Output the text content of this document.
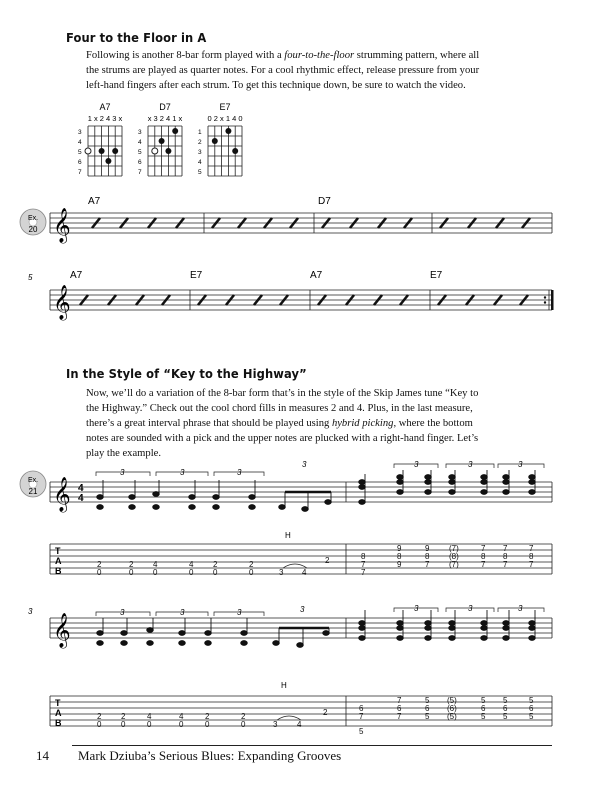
Four to the Floor in A
Following is another 8-bar form played with a four-to-the-floor strumming pattern, where all the strums are played as quarter notes. For a cool rhythmic effect, release pressure from your left-hand fingers after each strum. To get this technique down, be sure to watch the video.
A7
1 x 2 4 3 x
3
4
5
6
7
D7
x 3 2 4 1 x
3
4
5
6
7
E7
0 2 x 1 4 0
1
2
3
4
5
Ex.
20
A7	D7
𝄞
5	A7	E7	A7	E7
𝄞
In the Style of “Key to the Highway”
Now, we’ll do a variation of the 8-bar form that’s in the style of the Skip James tune “Key to the Highway.” Check out the cool chord fills in measures 2 and 4. Plus, in the last measure, there’s a great interval phrase that should be played using hybrid picking, where the bottom notes are sounded with a pick and the upper notes are plucked with a right-hand finger. Let’s play the example.
Ex.
21 𝄞 4
4
3	3	3
3	3	3	3
H
T
A
B
2
0
2
0
4
0
4
0
2
0
2
0	3 4
2	8
7
7
9
8
9
9
8
7
(7)
(8)
(7)
7
8
7
7
8
7
7
8
7
3
𝄞
3	3	3	3	3	3	3
H
T
A
B
2
0
2
0
4
0
4
0
2
0
2
0	3 4
2	6
7
5
7
6
7
5
6
5
(5)
(6)
(5)
5
6
5
5
6
5
5
6
5
14 Mark Dziuba’s Serious Blues: Expanding Grooves
